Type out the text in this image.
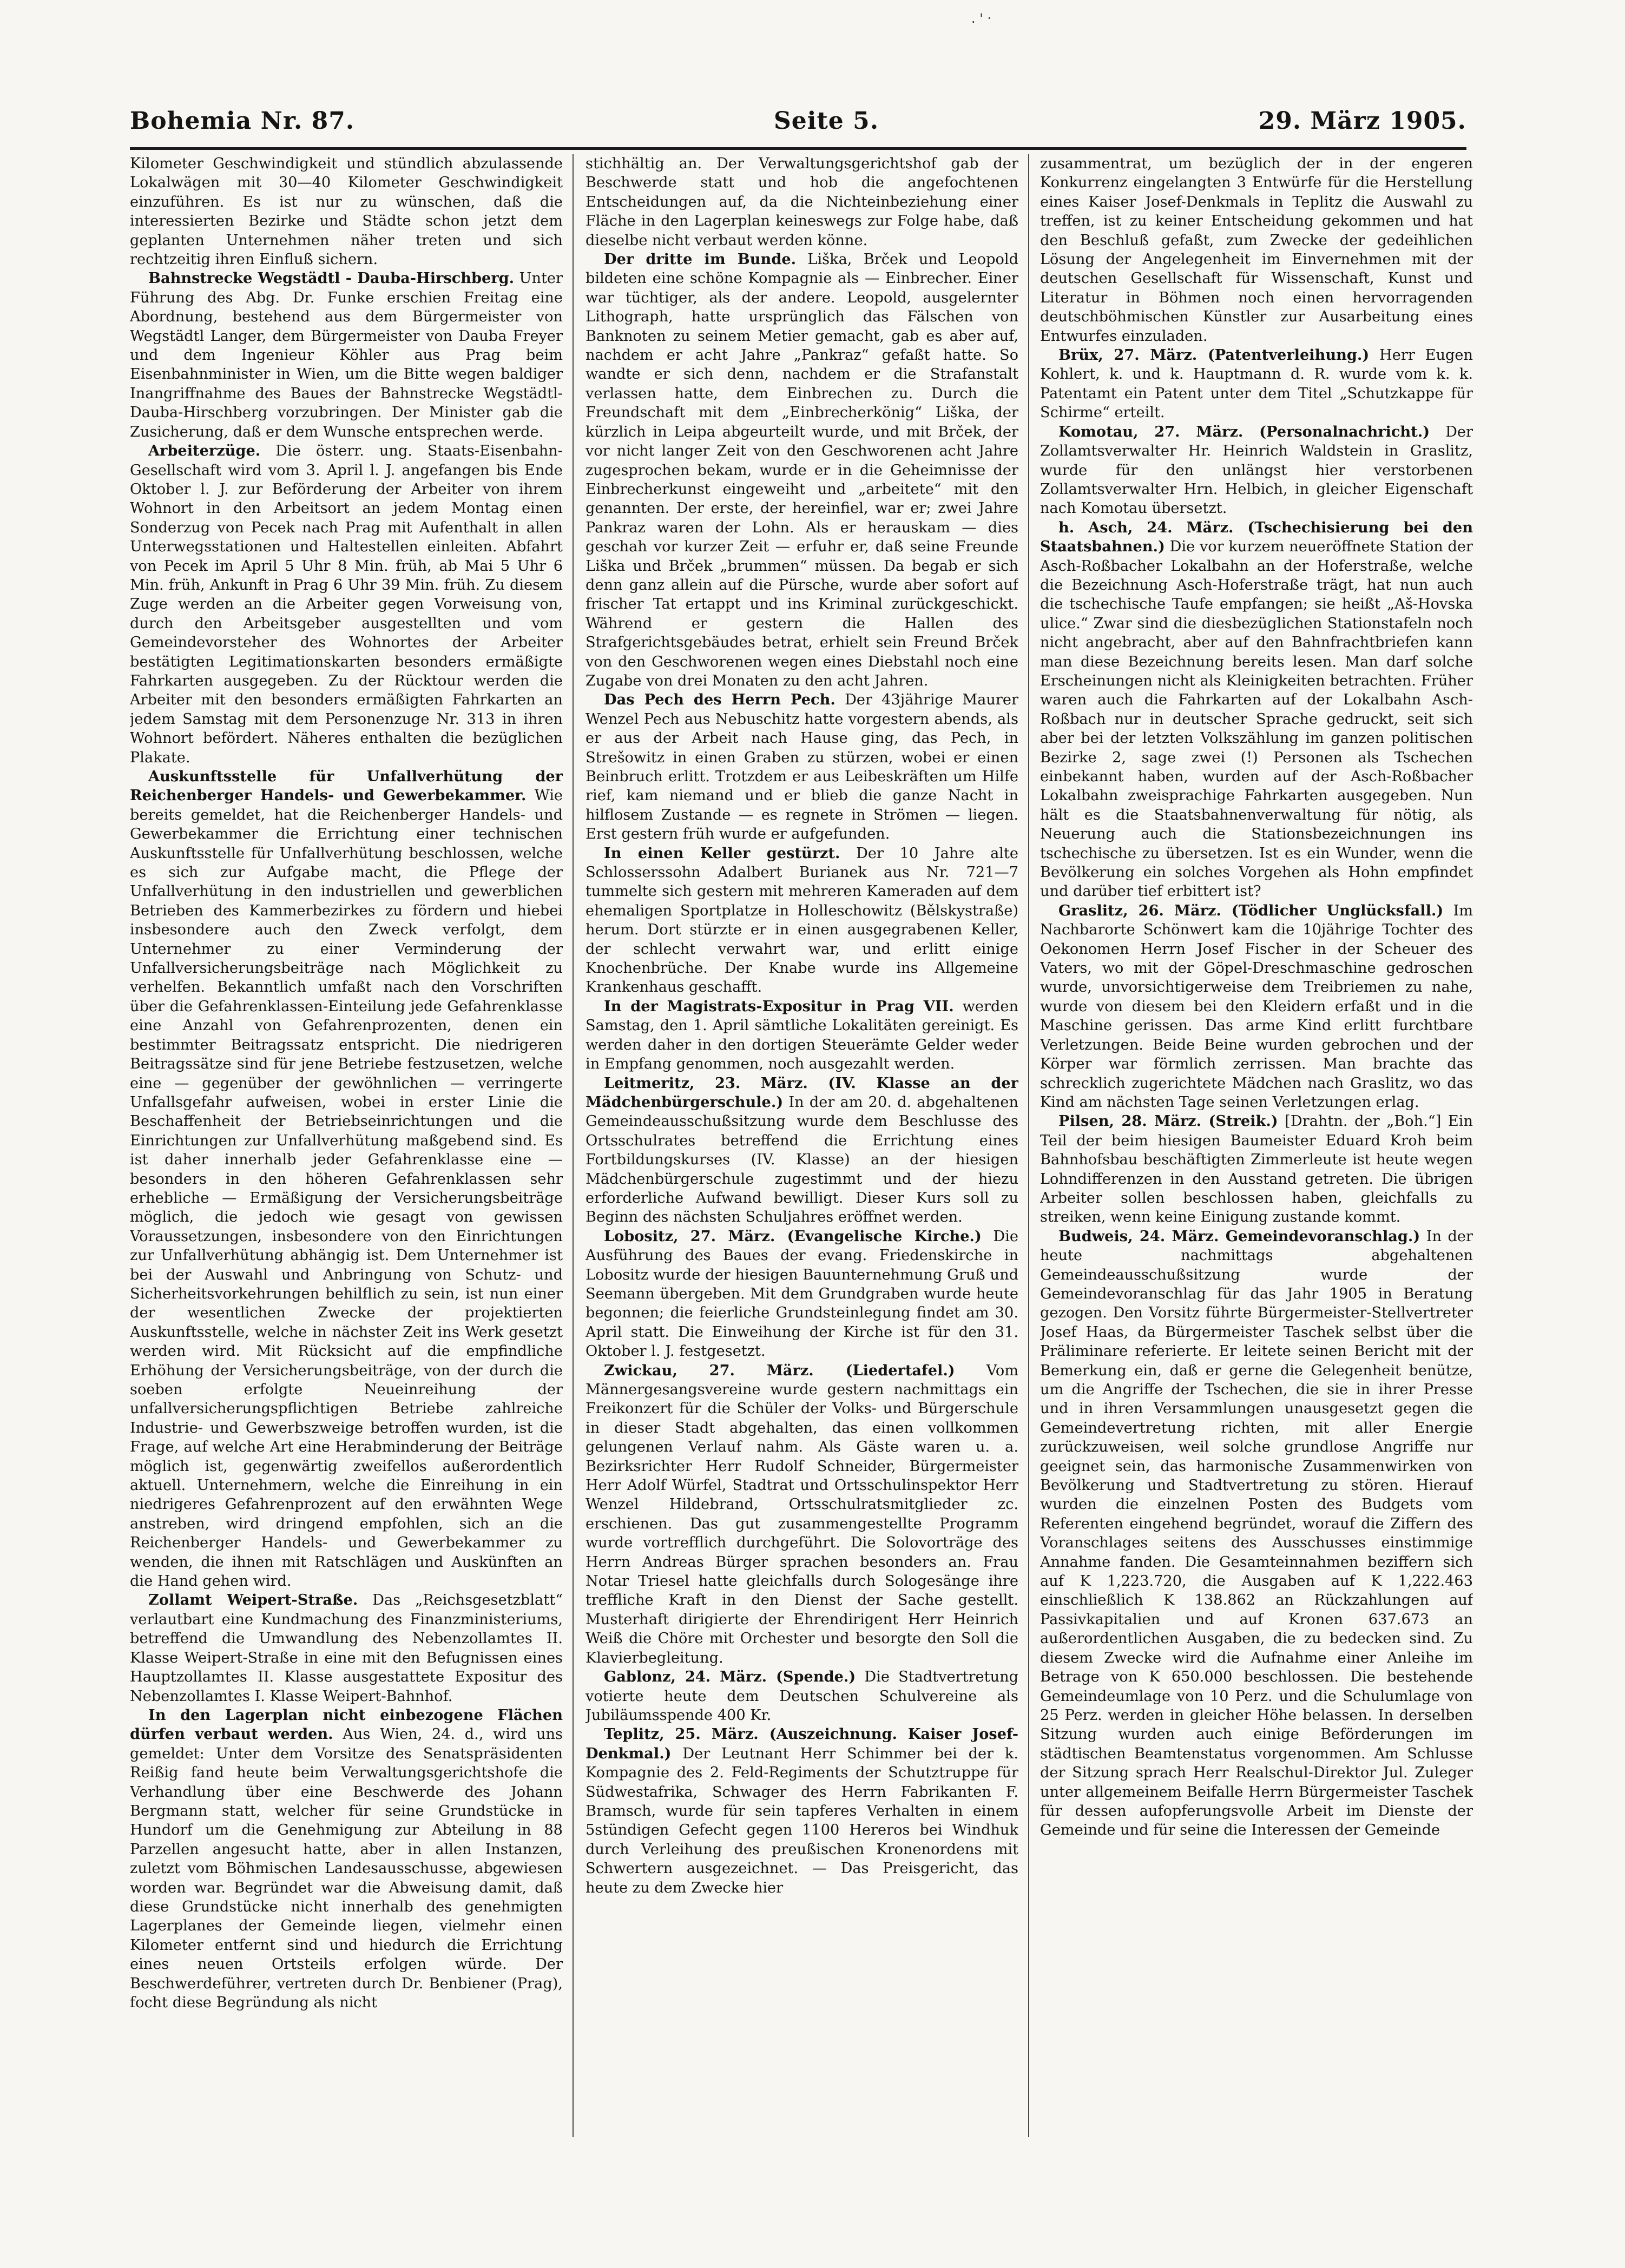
. ' ·
Bohemia Nr. 87.	Seite 5.	29. März 1905.

Kilometer Geschwindigkeit und stündlich abzulassende Lokalwägen mit 30—40 Kilometer Geschwindigkeit einzuführen. Es ist nur zu wünschen, daß die interessierten Bezirke und Städte schon jetzt dem geplanten Unternehmen näher treten und sich rechtzeitig ihren Einfluß sichern.

Bahnstrecke Wegstädtl - Dauba-Hirschberg. Unter Führung des Abg. Dr. Funke erschien Freitag eine Abordnung, bestehend aus dem Bürgermeister von Wegstädtl Langer, dem Bürgermeister von Dauba Freyer und dem Ingenieur Köhler aus Prag beim Eisenbahnminister in Wien, um die Bitte wegen baldiger Inangriffnahme des Baues der Bahnstrecke Wegstädtl-Dauba-Hirschberg vorzubringen. Der Minister gab die Zusicherung, daß er dem Wunsche entsprechen werde.

Arbeiterzüge. Die österr. ung. Staats-Eisenbahn-Gesellschaft wird vom 3. April l. J. angefangen bis Ende Oktober l. J. zur Beförderung der Arbeiter von ihrem Wohnort in den Arbeitsort an jedem Montag einen Sonderzug von Pecek nach Prag mit Aufenthalt in allen Unterwegsstationen und Haltestellen einleiten. Abfahrt von Pecek im April 5 Uhr 8 Min. früh, ab Mai 5 Uhr 6 Min. früh, Ankunft in Prag 6 Uhr 39 Min. früh. Zu diesem Zuge werden an die Arbeiter gegen Vorweisung von, durch den Arbeitsgeber ausgestellten und vom Gemeindevorsteher des Wohnortes der Arbeiter bestätigten Legitimationskarten besonders ermäßigte Fahrkarten ausgegeben. Zu der Rücktour werden die Arbeiter mit den besonders ermäßigten Fahrkarten an jedem Samstag mit dem Personenzuge Nr. 313 in ihren Wohnort befördert. Näheres enthalten die bezüglichen Plakate.

Auskunftsstelle für Unfallverhütung der Reichenberger Handels- und Gewerbekammer. Wie bereits gemeldet, hat die Reichenberger Handels- und Gewerbekammer die Errichtung einer technischen Auskunftsstelle für Unfallverhütung beschlossen, welche es sich zur Aufgabe macht, die Pflege der Unfallverhütung in den industriellen und gewerblichen Betrieben des Kammerbezirkes zu fördern und hiebei insbesondere auch den Zweck verfolgt, dem Unternehmer zu einer Verminderung der Unfallversicherungsbeiträge nach Möglichkeit zu verhelfen. Bekanntlich umfaßt nach den Vorschriften über die Gefahrenklassen-Einteilung jede Gefahrenklasse eine Anzahl von Gefahrenprozenten, denen ein bestimmter Beitragssatz entspricht. Die niedrigeren Beitragssätze sind für jene Betriebe festzusetzen, welche eine — gegenüber der gewöhnlichen — verringerte Unfallsgefahr aufweisen, wobei in erster Linie die Beschaffenheit der Betriebseinrichtungen und die Einrichtungen zur Unfallverhütung maßgebend sind. Es ist daher innerhalb jeder Gefahrenklasse eine — besonders in den höheren Gefahrenklassen sehr erhebliche — Ermäßigung der Versicherungsbeiträge möglich, die jedoch wie gesagt von gewissen Voraussetzungen, insbesondere von den Einrichtungen zur Unfallverhütung abhängig ist. Dem Unternehmer ist bei der Auswahl und Anbringung von Schutz- und Sicherheitsvorkehrungen behilflich zu sein, ist nun einer der wesentlichen Zwecke der projektierten Auskunftsstelle, welche in nächster Zeit ins Werk gesetzt werden wird. Mit Rücksicht auf die empfindliche Erhöhung der Versicherungsbeiträge, von der durch die soeben erfolgte Neueinreihung der unfallversicherungspflichtigen Betriebe zahlreiche Industrie- und Gewerbszweige betroffen wurden, ist die Frage, auf welche Art eine Herabminderung der Beiträge möglich ist, gegenwärtig zweifellos außerordentlich aktuell. Unternehmern, welche die Einreihung in ein niedrigeres Gefahrenprozent auf den erwähnten Wege anstreben, wird dringend empfohlen, sich an die Reichenberger Handels- und Gewerbekammer zu wenden, die ihnen mit Ratschlägen und Auskünften an die Hand gehen wird.

Zollamt Weipert-Straße. Das „Reichsgesetzblatt“ verlautbart eine Kundmachung des Finanzministeriums, betreffend die Umwandlung des Nebenzollamtes II. Klasse Weipert-Straße in eine mit den Befugnissen eines Hauptzollamtes II. Klasse ausgestattete Expositur des Nebenzollamtes I. Klasse Weipert-Bahnhof.

In den Lagerplan nicht einbezogene Flächen dürfen verbaut werden. Aus Wien, 24. d., wird uns gemeldet: Unter dem Vorsitze des Senatspräsidenten Reißig fand heute beim Verwaltungsgerichtshofe die Verhandlung über eine Beschwerde des Johann Bergmann statt, welcher für seine Grundstücke in Hundorf um die Genehmigung zur Abteilung in 88 Parzellen angesucht hatte, aber in allen Instanzen, zuletzt vom Böhmischen Landesausschusse, abgewiesen worden war. Begründet war die Abweisung damit, daß diese Grundstücke nicht innerhalb des genehmigten Lagerplanes der Gemeinde liegen, vielmehr einen Kilometer entfernt sind und hiedurch die Errichtung eines neuen Ortsteils erfolgen würde. Der Beschwerdeführer, vertreten durch Dr. Benbiener (Prag), focht diese Begründung als nicht

stichhältig an. Der Verwaltungsgerichtshof gab der Beschwerde statt und hob die angefochtenen Entscheidungen auf, da die Nichteinbeziehung einer Fläche in den Lagerplan keineswegs zur Folge habe, daß dieselbe nicht verbaut werden könne.

Der dritte im Bunde. Liška, Brček und Leopold bildeten eine schöne Kompagnie als — Einbrecher. Einer war tüchtiger, als der andere. Leopold, ausgelernter Lithograph, hatte ursprünglich das Fälschen von Banknoten zu seinem Metier gemacht, gab es aber auf, nachdem er acht Jahre „Pankraz“ gefaßt hatte. So wandte er sich denn, nachdem er die Strafanstalt verlassen hatte, dem Einbrechen zu. Durch die Freundschaft mit dem „Einbrecherkönig“ Liška, der kürzlich in Leipa abgeurteilt wurde, und mit Brček, der vor nicht langer Zeit von den Geschworenen acht Jahre zugesprochen bekam, wurde er in die Geheimnisse der Einbrecherkunst eingeweiht und „arbeitete“ mit den genannten. Der erste, der hereinfiel, war er; zwei Jahre Pankraz waren der Lohn. Als er herauskam — dies geschah vor kurzer Zeit — erfuhr er, daß seine Freunde Liška und Brček „brummen“ müssen. Da begab er sich denn ganz allein auf die Pürsche, wurde aber sofort auf frischer Tat ertappt und ins Kriminal zurückgeschickt. Während er gestern die Hallen des Strafgerichtsgebäudes betrat, erhielt sein Freund Brček von den Geschworenen wegen eines Diebstahl noch eine Zugabe von drei Monaten zu den acht Jahren.

Das Pech des Herrn Pech. Der 43jährige Maurer Wenzel Pech aus Nebuschitz hatte vorgestern abends, als er aus der Arbeit nach Hause ging, das Pech, in Strešowitz in einen Graben zu stürzen, wobei er einen Beinbruch erlitt. Trotzdem er aus Leibeskräften um Hilfe rief, kam niemand und er blieb die ganze Nacht in hilflosem Zustande — es regnete in Strömen — liegen. Erst gestern früh wurde er aufgefunden.

In einen Keller gestürzt. Der 10 Jahre alte Schlosserssohn Adalbert Burianek aus Nr. 721—7 tummelte sich gestern mit mehreren Kameraden auf dem ehemaligen Sportplatze in Holleschowitz (Bělskystraße) herum. Dort stürzte er in einen ausgegrabenen Keller, der schlecht verwahrt war, und erlitt einige Knochenbrüche. Der Knabe wurde ins Allgemeine Krankenhaus geschafft.

In der Magistrats-Expositur in Prag VII. werden Samstag, den 1. April sämtliche Lokalitäten gereinigt. Es werden daher in den dortigen Steuerämte Gelder weder in Empfang genommen, noch ausgezahlt werden.

Leitmeritz, 23. März. (IV. Klasse an der Mädchenbürgerschule.) In der am 20. d. abgehaltenen Gemeindeausschußsitzung wurde dem Beschlusse des Ortsschulrates betreffend die Errichtung eines Fortbildungskurses (IV. Klasse) an der hiesigen Mädchenbürgerschule zugestimmt und der hiezu erforderliche Aufwand bewilligt. Dieser Kurs soll zu Beginn des nächsten Schuljahres eröffnet werden.

Lobositz, 27. März. (Evangelische Kirche.) Die Ausführung des Baues der evang. Friedenskirche in Lobositz wurde der hiesigen Bauunternehmung Gruß und Seemann übergeben. Mit dem Grundgraben wurde heute begonnen; die feierliche Grundsteinlegung findet am 30. April statt. Die Einweihung der Kirche ist für den 31. Oktober l. J. festgesetzt.

Zwickau, 27. März. (Liedertafel.) Vom Männergesangsvereine wurde gestern nachmittags ein Freikonzert für die Schüler der Volks- und Bürgerschule in dieser Stadt abgehalten, das einen vollkommen gelungenen Verlauf nahm. Als Gäste waren u. a. Bezirksrichter Herr Rudolf Schneider, Bürgermeister Herr Adolf Würfel, Stadtrat und Ortsschulinspektor Herr Wenzel Hildebrand, Ortsschulratsmitglieder zc. erschienen. Das gut zusammengestellte Programm wurde vortrefflich durchgeführt. Die Solovorträge des Herrn Andreas Bürger sprachen besonders an. Frau Notar Triesel hatte gleichfalls durch Sologesänge ihre treffliche Kraft in den Dienst der Sache gestellt. Musterhaft dirigierte der Ehrendirigent Herr Heinrich Weiß die Chöre mit Orchester und besorgte den Soll die Klavierbegleitung.

Gablonz, 24. März. (Spende.) Die Stadtvertretung votierte heute dem Deutschen Schulvereine als Jubiläumsspende 400 Kr.

Teplitz, 25. März. (Auszeichnung. Kaiser Josef-Denkmal.) Der Leutnant Herr Schimmer bei der k. Kompagnie des 2. Feld-Regiments der Schutztruppe für Südwestafrika, Schwager des Herrn Fabrikanten F. Bramsch, wurde für sein tapferes Verhalten in einem 5stündigen Gefecht gegen 1100 Hereros bei Windhuk durch Verleihung des preußischen Kronenordens mit Schwertern ausgezeichnet. — Das Preisgericht, das heute zu dem Zwecke hier

zusammentrat, um bezüglich der in der engeren Konkurrenz eingelangten 3 Entwürfe für die Herstellung eines Kaiser Josef-Denkmals in Teplitz die Auswahl zu treffen, ist zu keiner Entscheidung gekommen und hat den Beschluß gefaßt, zum Zwecke der gedeihlichen Lösung der Angelegenheit im Einvernehmen mit der deutschen Gesellschaft für Wissenschaft, Kunst und Literatur in Böhmen noch einen hervorragenden deutschböhmischen Künstler zur Ausarbeitung eines Entwurfes einzuladen.

Brüx, 27. März. (Patentverleihung.) Herr Eugen Kohlert, k. und k. Hauptmann d. R. wurde vom k. k. Patentamt ein Patent unter dem Titel „Schutzkappe für Schirme“ erteilt.

Komotau, 27. März. (Personalnachricht.) Der Zollamtsverwalter Hr. Heinrich Waldstein in Graslitz, wurde für den unlängst hier verstorbenen Zollamtsverwalter Hrn. Helbich, in gleicher Eigenschaft nach Komotau übersetzt.

h. Asch, 24. März. (Tschechisierung bei den Staatsbahnen.) Die vor kurzem neueröffnete Station der Asch-Roßbacher Lokalbahn an der Hoferstraße, welche die Bezeichnung Asch-Hoferstraße trägt, hat nun auch die tschechische Taufe empfangen; sie heißt „Aš-Hovska ulice.“ Zwar sind die diesbezüglichen Stationstafeln noch nicht angebracht, aber auf den Bahnfrachtbriefen kann man diese Bezeichnung bereits lesen. Man darf solche Erscheinungen nicht als Kleinigkeiten betrachten. Früher waren auch die Fahrkarten auf der Lokalbahn Asch-Roßbach nur in deutscher Sprache gedruckt, seit sich aber bei der letzten Volkszählung im ganzen politischen Bezirke 2, sage zwei (!) Personen als Tschechen einbekannt haben, wurden auf der Asch-Roßbacher Lokalbahn zweisprachige Fahrkarten ausgegeben. Nun hält es die Staatsbahnenverwaltung für nötig, als Neuerung auch die Stationsbezeichnungen ins tschechische zu übersetzen. Ist es ein Wunder, wenn die Bevölkerung ein solches Vorgehen als Hohn empfindet und darüber tief erbittert ist?

Graslitz, 26. März. (Tödlicher Unglücksfall.) Im Nachbarorte Schönwert kam die 10jährige Tochter des Oekonomen Herrn Josef Fischer in der Scheuer des Vaters, wo mit der Göpel-Dreschmaschine gedroschen wurde, unvorsichtigerweise dem Treibriemen zu nahe, wurde von diesem bei den Kleidern erfaßt und in die Maschine gerissen. Das arme Kind erlitt furchtbare Verletzungen. Beide Beine wurden gebrochen und der Körper war förmlich zerrissen. Man brachte das schrecklich zugerichtete Mädchen nach Graslitz, wo das Kind am nächsten Tage seinen Verletzungen erlag.

Pilsen, 28. März. (Streik.) [Drahtn. der „Boh.“] Ein Teil der beim hiesigen Baumeister Eduard Kroh beim Bahnhofsbau beschäftigten Zimmerleute ist heute wegen Lohndifferenzen in den Ausstand getreten. Die übrigen Arbeiter sollen beschlossen haben, gleichfalls zu streiken, wenn keine Einigung zustande kommt.

Budweis, 24. März. Gemeindevoranschlag.) In der heute nachmittags abgehaltenen Gemeindeausschußsitzung wurde der Gemeindevoranschlag für das Jahr 1905 in Beratung gezogen. Den Vorsitz führte Bürgermeister-Stellvertreter Josef Haas, da Bürgermeister Taschek selbst über die Präliminare referierte. Er leitete seinen Bericht mit der Bemerkung ein, daß er gerne die Gelegenheit benütze, um die Angriffe der Tschechen, die sie in ihrer Presse und in ihren Versammlungen unausgesetzt gegen die Gemeindevertretung richten, mit aller Energie zurückzuweisen, weil solche grundlose Angriffe nur geeignet sein, das harmonische Zusammenwirken von Bevölkerung und Stadtvertretung zu stören. Hierauf wurden die einzelnen Posten des Budgets vom Referenten eingehend begründet, worauf die Ziffern des Voranschlages seitens des Ausschusses einstimmige Annahme fanden. Die Gesamteinnahmen beziffern sich auf K 1,223.720, die Ausgaben auf K 1,222.463 einschließlich K 138.862 an Rückzahlungen auf Passivkapitalien und auf Kronen 637.673 an außerordentlichen Ausgaben, die zu bedecken sind. Zu diesem Zwecke wird die Aufnahme einer Anleihe im Betrage von K 650.000 beschlossen. Die bestehende Gemeindeumlage von 10 Perz. und die Schulumlage von 25 Perz. werden in gleicher Höhe belassen. In derselben Sitzung wurden auch einige Beförderungen im städtischen Beamtenstatus vorgenommen. Am Schlusse der Sitzung sprach Herr Realschul-Direktor Jul. Zuleger unter allgemeinem Beifalle Herrn Bürgermeister Taschek für dessen aufopferungsvolle Arbeit im Dienste der Gemeinde und für seine die Interessen der Gemeinde
